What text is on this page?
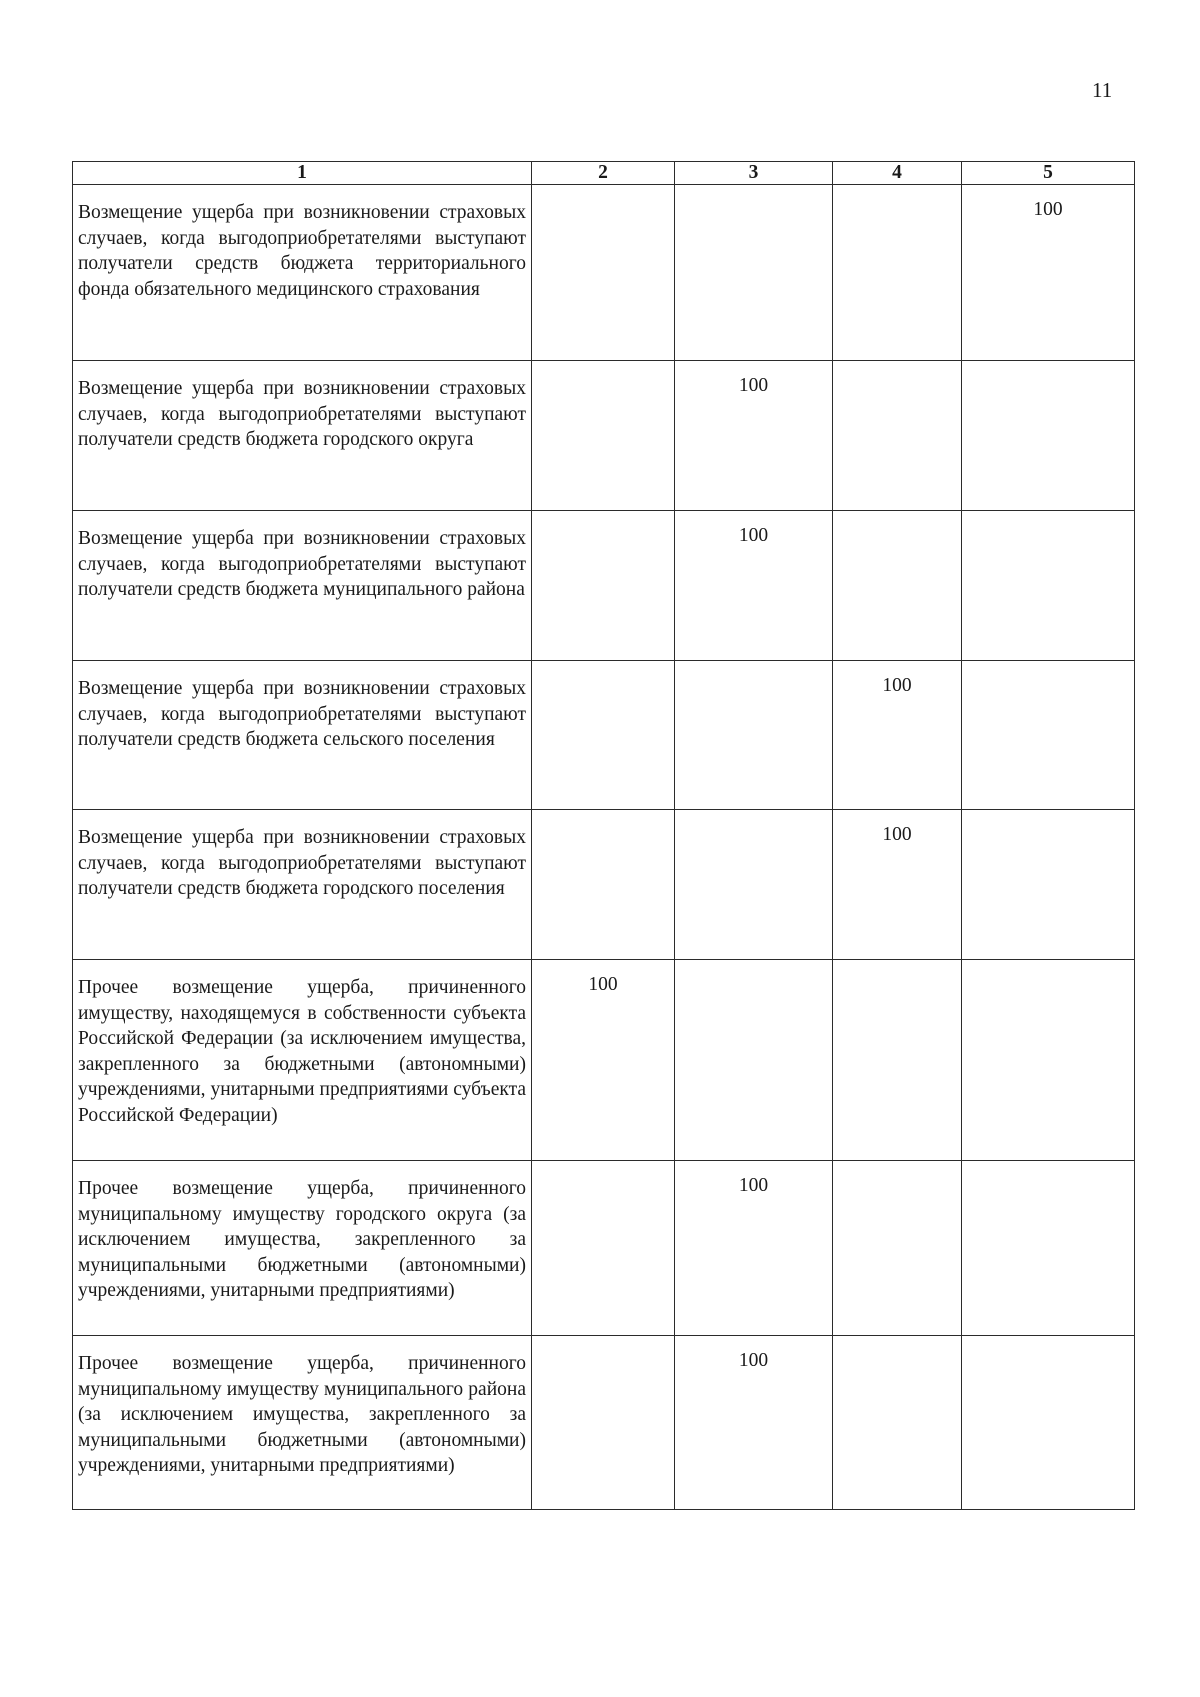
11
1	2	3	4	5
Возмещение ущерба при возникновении страховых случаев, когда выгодоприобретателями выступают получатели средств бюджета территориального фонда обязательного медицинского страхования				100
Возмещение ущерба при возникновении страховых случаев, когда выгодоприобретателями выступают получатели средств бюджета городского округа		100		
Возмещение ущерба при возникновении страховых случаев, когда выгодоприобретателями выступают получатели средств бюджета муниципального района		100		
Возмещение ущерба при возникновении страховых случаев, когда выгодоприобретателями выступают получатели средств бюджета сельского поселения			100	
Возмещение ущерба при возникновении страховых случаев, когда выгодоприобретателями выступают получатели средств бюджета городского поселения			100	
Прочее возмещение ущерба, причиненного имуществу, находящемуся в собственности субъекта Российской Федерации (за исключением имущества, закрепленного за бюджетными (автономными) учреждениями, унитарными предприятиями субъекта Российской Федерации)	100			
Прочее возмещение ущерба, причиненного муниципальному имуществу городского округа (за исключением имущества, закрепленного за муниципальными бюджетными (автономными) учреждениями, унитарными предприятиями)		100		
Прочее возмещение ущерба, причиненного муниципальному имуществу муниципального района (за исключением имущества, закрепленного за муниципальными бюджетными (автономными) учреждениями, унитарными предприятиями)		100		
